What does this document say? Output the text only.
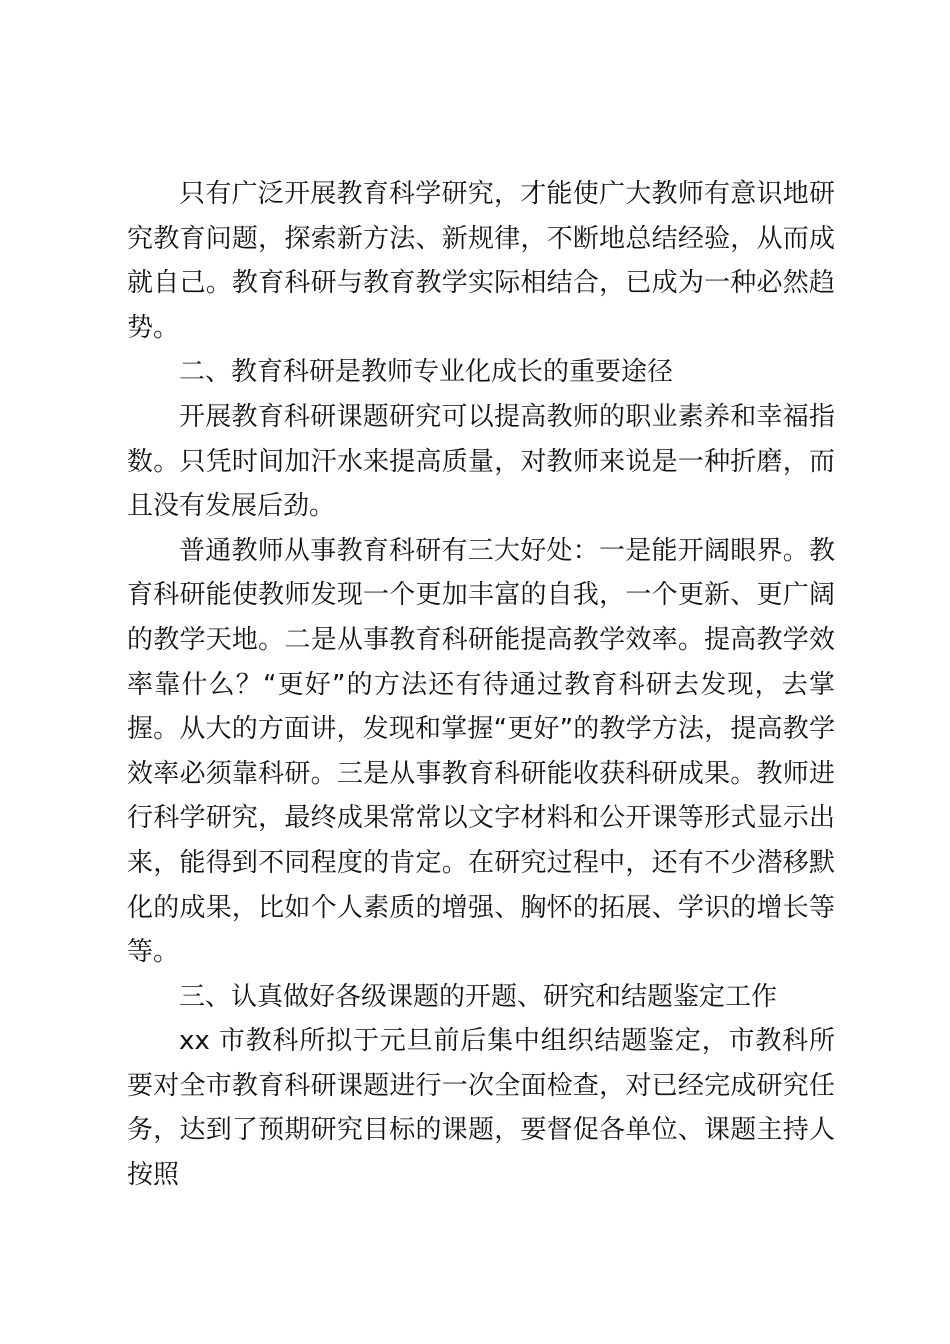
只有广泛开展教育科学研究，才能使广大教师有意识地研究教育问题，探索新方法、新规律，不断地总结经验，从而成就自己。教育科研与教育教学实际相结合，已成为一种必然趋势。

二、教育科研是教师专业化成长的重要途径

开展教育科研课题研究可以提高教师的职业素养和幸福指数。只凭时间加汗水来提高质量，对教师来说是一种折磨，而且没有发展后劲。

普通教师从事教育科研有三大好处：一是能开阔眼界。教育科研能使教师发现一个更加丰富的自我，一个更新、更广阔的教学天地。二是从事教育科研能提高教学效率。提高教学效率靠什么？“更好”的方法还有待通过教育科研去发现，去掌握。从大的方面讲，发现和掌握“更好”的教学方法，提高教学效率必须靠科研。三是从事教育科研能收获科研成果。教师进行科学研究，最终成果常常以文字材料和公开课等形式显示出来，能得到不同程度的肯定。在研究过程中，还有不少潜移默化的成果，比如个人素质的增强、胸怀的拓展、学识的增长等等。

三、认真做好各级课题的开题、研究和结题鉴定工作

xx 市教科所拟于元旦前后集中组织结题鉴定，市教科所要对全市教育科研课题进行一次全面检查，对已经完成研究任务，达到了预期研究目标的课题，要督促各单位、课题主持人按照
